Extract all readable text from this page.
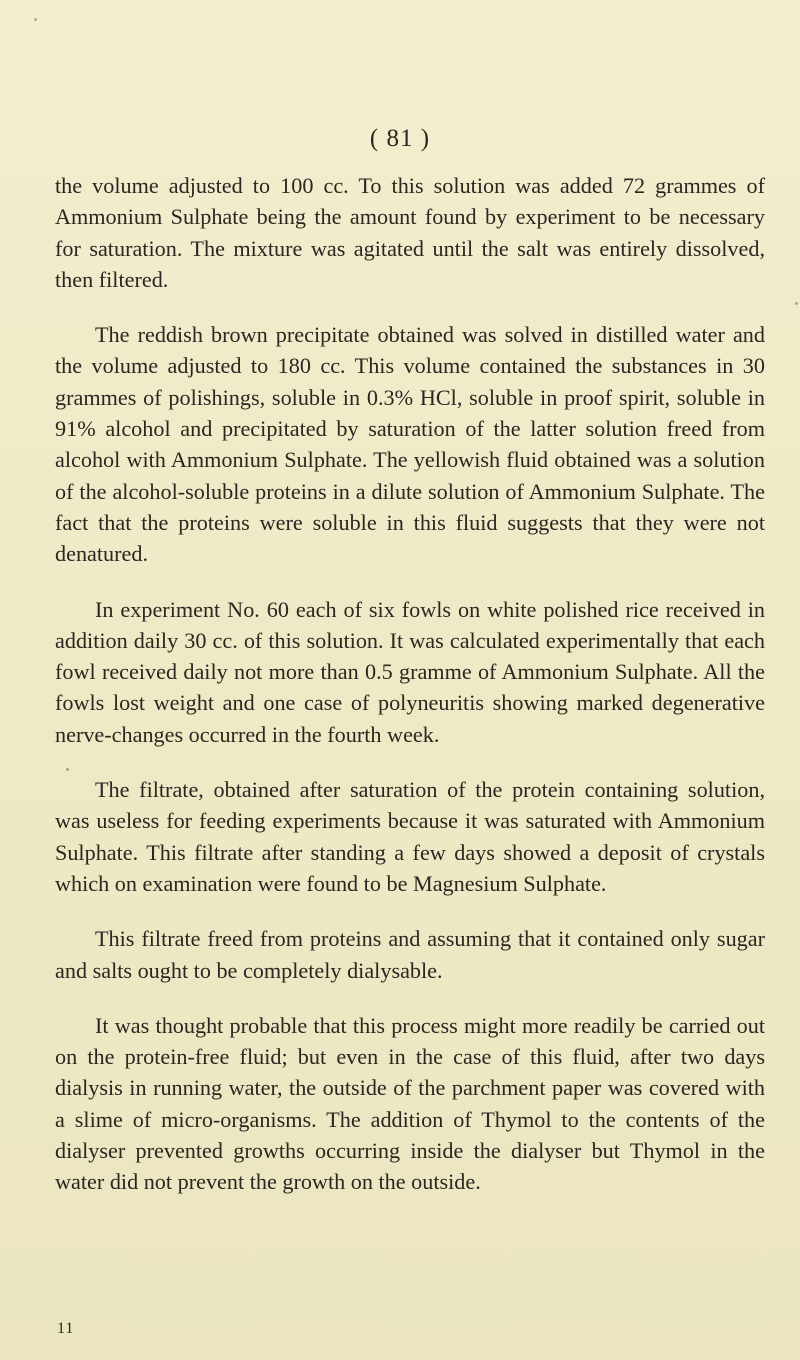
( 81 )

the volume adjusted to 100 cc. To this solution was added 72 grammes of Ammonium Sulphate being the amount found by experiment to be necessary for saturation. The mixture was agitated until the salt was entirely dissolved, then filtered.

The reddish brown precipitate obtained was solved in distilled water and the volume adjusted to 180 cc. This volume contained the substances in 30 grammes of polishings, soluble in 0.3% HCl, soluble in proof spirit, soluble in 91% alcohol and precipitated by saturation of the latter solution freed from alcohol with Ammonium Sulphate. The yellowish fluid obtained was a solution of the alcohol-soluble proteins in a dilute solution of Ammonium Sulphate. The fact that the proteins were soluble in this fluid suggests that they were not denatured.

In experiment No. 60 each of six fowls on white polished rice received in addition daily 30 cc. of this solution. It was calculated experimentally that each fowl received daily not more than 0.5 gramme of Ammonium Sulphate. All the fowls lost weight and one case of polyneuritis showing marked degenerative nerve-changes occurred in the fourth week.

The filtrate, obtained after saturation of the protein containing solution, was useless for feeding experiments because it was saturated with Ammonium Sulphate. This filtrate after standing a few days showed a deposit of crystals which on examination were found to be Magnesium Sulphate.

This filtrate freed from proteins and assuming that it contained only sugar and salts ought to be completely dialysable.

It was thought probable that this process might more readily be carried out on the protein-free fluid; but even in the case of this fluid, after two days dialysis in running water, the outside of the parchment paper was covered with a slime of micro-organisms. The addition of Thymol to the contents of the dialyser prevented growths occurring inside the dialyser but Thymol in the water did not prevent the growth on the outside.

11
